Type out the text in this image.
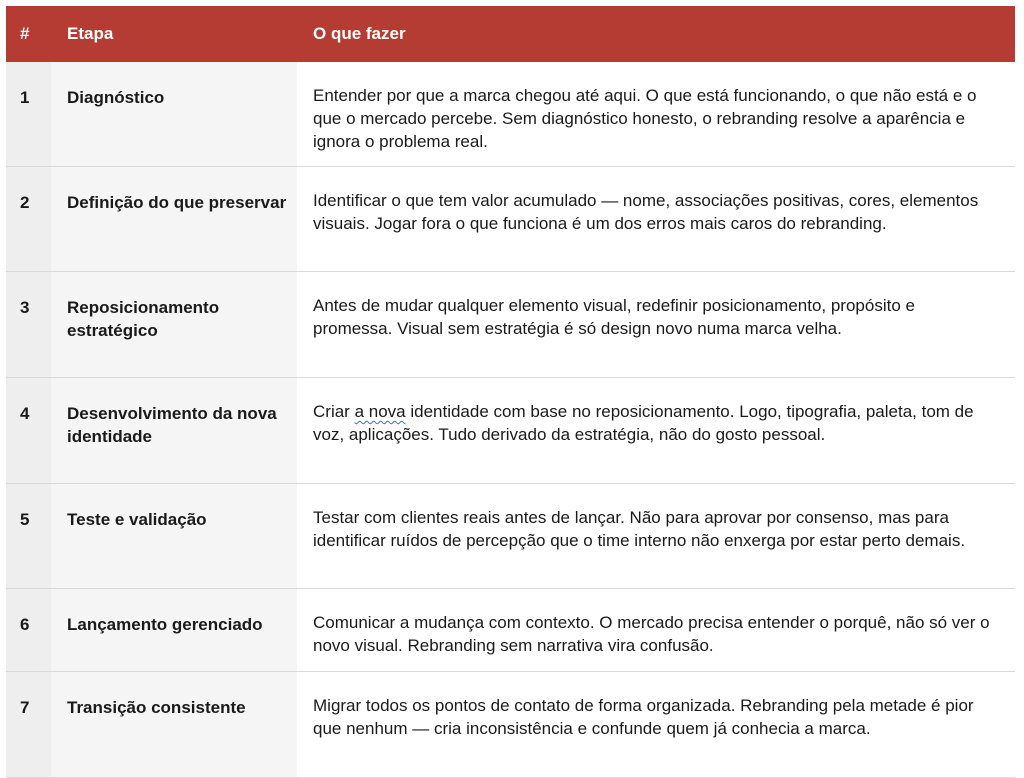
#	Etapa	O que fazer
1	Diagnóstico	Entender por que a marca chegou até aqui. O que está funcionando, o que não está e o que o mercado percebe. Sem diagnóstico honesto, o rebranding resolve a aparência e ignora o problema real.
2	Definição do que preservar	Identificar o que tem valor acumulado — nome, associações positivas, cores, elementos visuais. Jogar fora o que funciona é um dos erros mais caros do rebranding.
3	Reposicionamento estratégico	Antes de mudar qualquer elemento visual, redefinir posicionamento, propósito e promessa. Visual sem estratégia é só design novo numa marca velha.
4	Desenvolvimento da nova identidade	Criar a nova identidade com base no reposicionamento. Logo, tipografia, paleta, tom de voz, aplicações. Tudo derivado da estratégia, não do gosto pessoal.
5	Teste e validação	Testar com clientes reais antes de lançar. Não para aprovar por consenso, mas para identificar ruídos de percepção que o time interno não enxerga por estar perto demais.
6	Lançamento gerenciado	Comunicar a mudança com contexto. O mercado precisa entender o porquê, não só ver o novo visual. Rebranding sem narrativa vira confusão.
7	Transição consistente	Migrar todos os pontos de contato de forma organizada. Rebranding pela metade é pior que nenhum — cria inconsistência e confunde quem já conhecia a marca.
